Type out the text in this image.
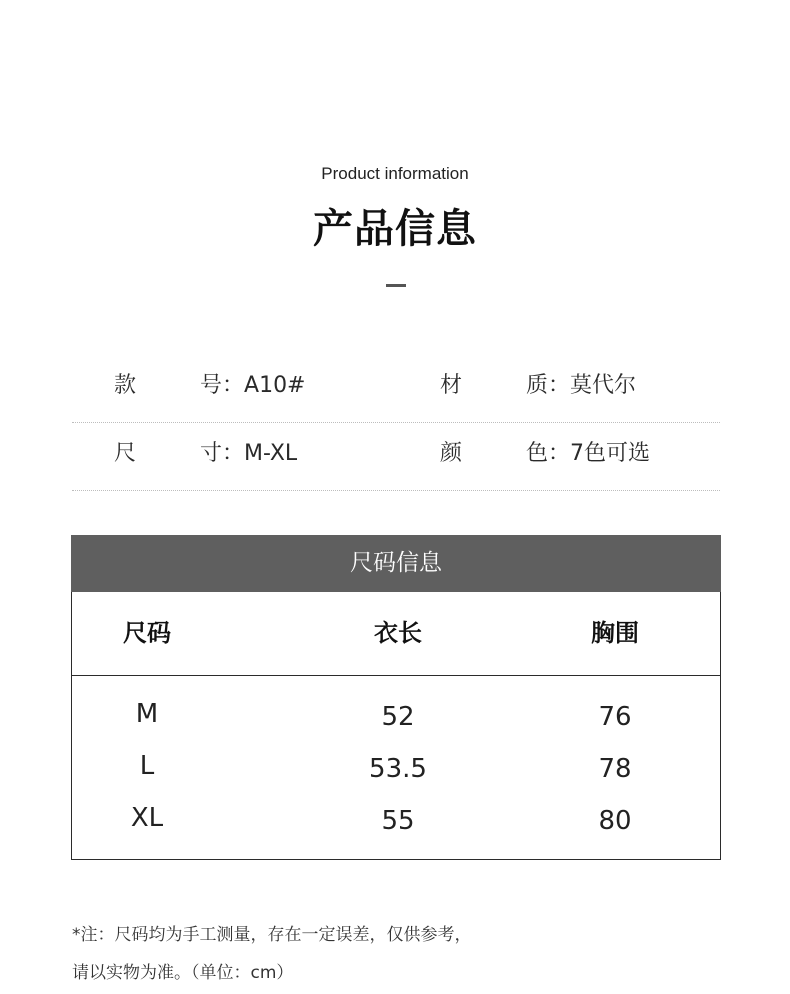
Product information
产品信息
款号：A10#	材质：莫代尔
尺寸：M-XL	颜色：7色可选
尺码信息
尺码	衣长	胸围
M	52	76
L	53.5	78
XL	55	80
*注：尺码均为手工测量，存在一定误差，仅供参考，
请以实物为准。（单位：cm）
